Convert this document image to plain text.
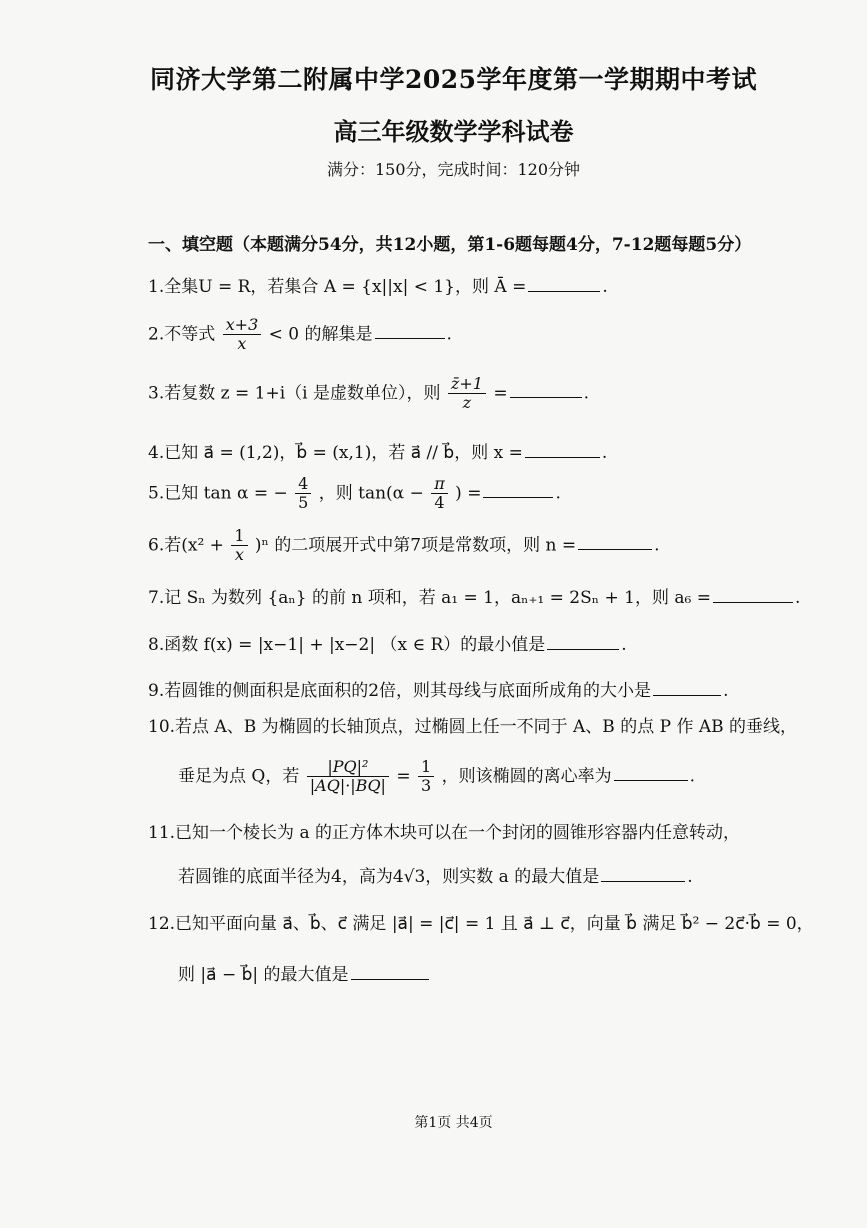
同济大学第二附属中学2025学年度第一学期期中考试
高三年级数学学科试卷
满分：150分，完成时间：120分钟
一、填空题（本题满分54分，共12小题，第1-6题每题4分，7-12题每题5分）
1.全集U = R，若集合 A = {x||x| < 1}，则 Ā =	.
2.不等式 $\frac{x+3}{x} < 0$ 的解集是	.
3.若复数 z = 1+i（i 是虚数单位），则 $\frac{z̄+1}{z}$ =	.
4.已知 a⃗ = (1,2)，b⃗ = (x,1)，若 a⃗ // b⃗，则 x =	.
5.已知 tan α = − $\frac{4}{5}$ ，则 $\tan(\alpha - \frac{\pi}{4}$ ) =	.
6.若$(x^2 + \frac{1}{x} )^n$ 的二项展开式中第7项是常数项，则 n =	.
7.记 Sₙ 为数列 {aₙ} 的前 n 项和，若 a₁ = 1，aₙ₊₁ = 2Sₙ + 1，则 a₆ =	.
8.函数 f(x) = |x−1| + |x−2| （x ∈ R）的最小值是	.
9.若圆锥的侧面积是底面积的2倍，则其母线与底面所成角的大小是	.
10.若点 A、B 为椭圆的长轴顶点，过椭圆上任一不同于 A、B 的点 P 作 AB 的垂线，
垂足为点 Q，若 $\frac{\text{|PQ|²}}{|AQ|\cdot|BQ|} = \frac{1}{3}$ ，则该椭圆的离心率为	.
11.已知一个棱长为 a 的正方体木块可以在一个封闭的圆锥形容器内任意转动，
若圆锥的底面半径为4，高为4√3，则实数 a 的最大值是	.
12.已知平面向量 a⃗、b⃗、c⃗ 满足 |a⃗| = |c⃗| = 1 且 a⃗ ⊥ c⃗，向量 b⃗ 满足 b⃗² − 2c⃗·b⃗ = 0，
则 |a⃗ − b⃗| 的最大值是
第1页 共4页
